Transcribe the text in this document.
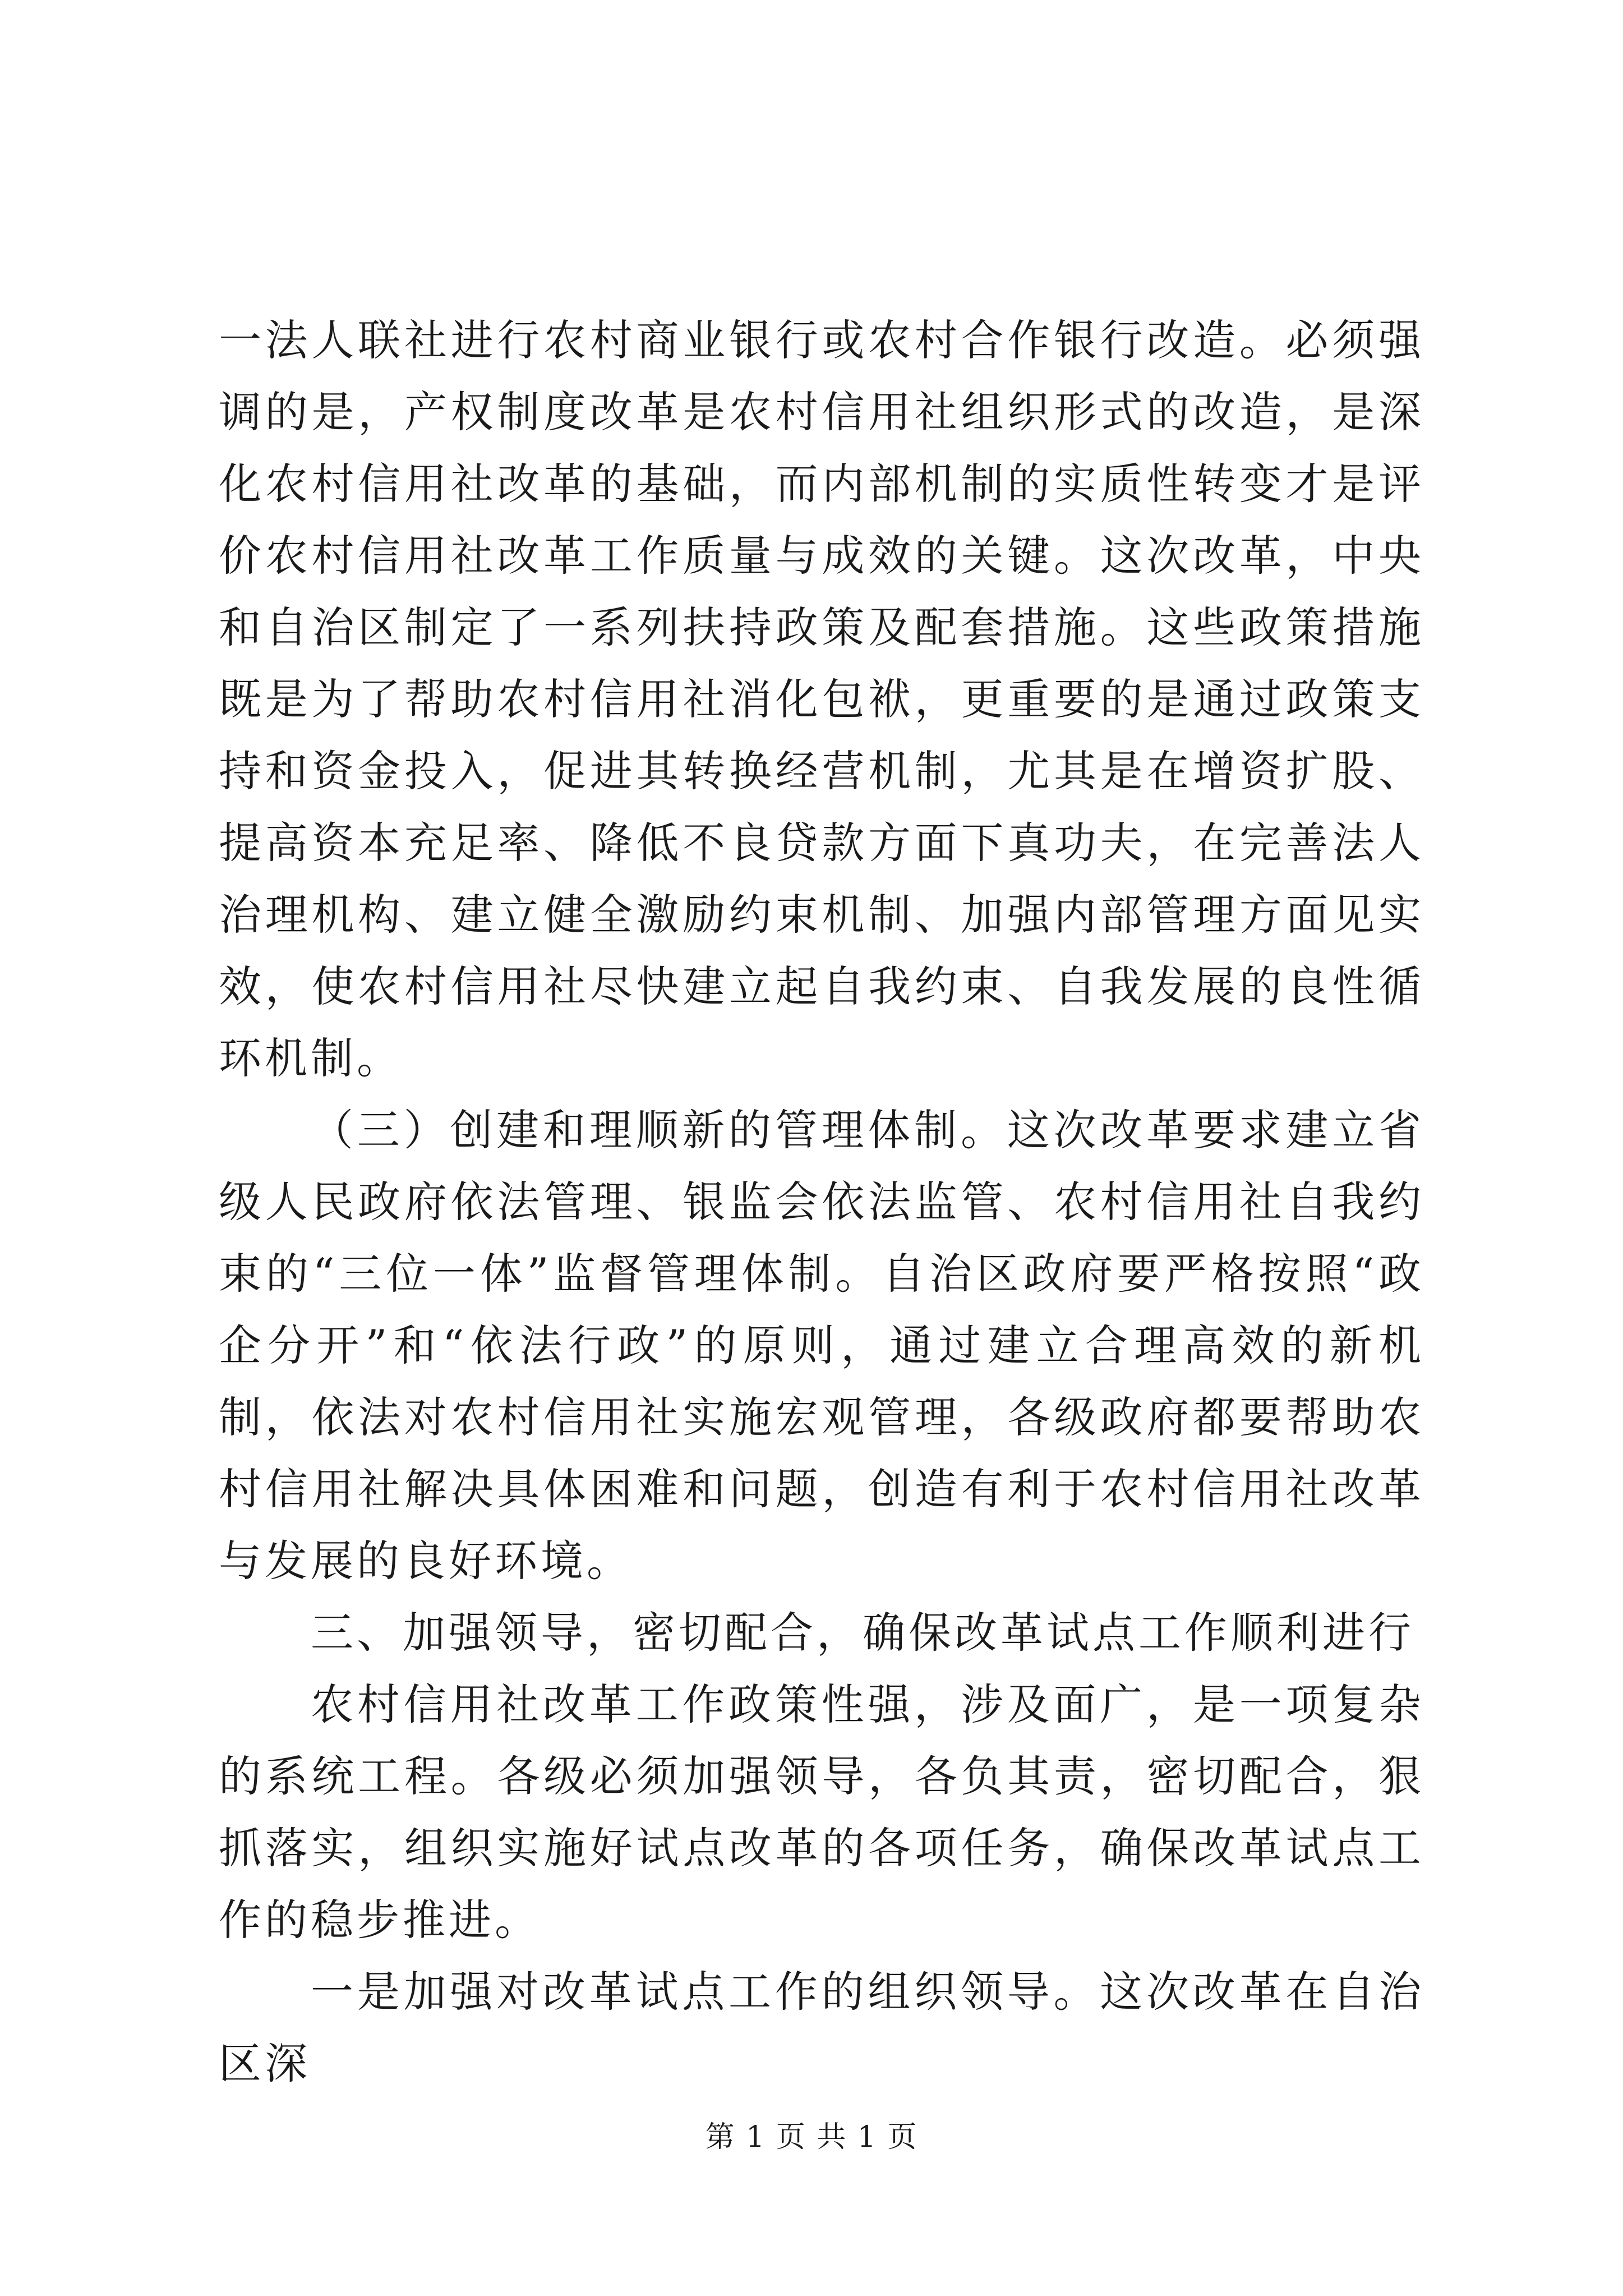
一法人联社进行农村商业银行或农村合作银行改造。必须强调的是，产权制度改革是农村信用社组织形式的改造，是深化农村信用社改革的基础，而内部机制的实质性转变才是评价农村信用社改革工作质量与成效的关键。这次改革，中央和自治区制定了一系列扶持政策及配套措施。这些政策措施既是为了帮助农村信用社消化包袱，更重要的是通过政策支持和资金投入，促进其转换经营机制，尤其是在增资扩股、提高资本充足率、降低不良贷款方面下真功夫，在完善法人治理机构、建立健全激励约束机制、加强内部管理方面见实效，使农村信用社尽快建立起自我约束、自我发展的良性循环机制。

（三）创建和理顺新的管理体制。这次改革要求建立省级人民政府依法管理、银监会依法监管、农村信用社自我约束的“三位一体”监督管理体制。自治区政府要严格按照“政企分开”和“依法行政”的原则，通过建立合理高效的新机制，依法对农村信用社实施宏观管理，各级政府都要帮助农村信用社解决具体困难和问题，创造有利于农村信用社改革与发展的良好环境。

三、加强领导，密切配合，确保改革试点工作顺利进行

农村信用社改革工作政策性强，涉及面广，是一项复杂的系统工程。各级必须加强领导，各负其责，密切配合，狠抓落实，组织实施好试点改革的各项任务，确保改革试点工作的稳步推进。

一是加强对改革试点工作的组织领导。这次改革在自治区深

第 1 页 共 1 页
